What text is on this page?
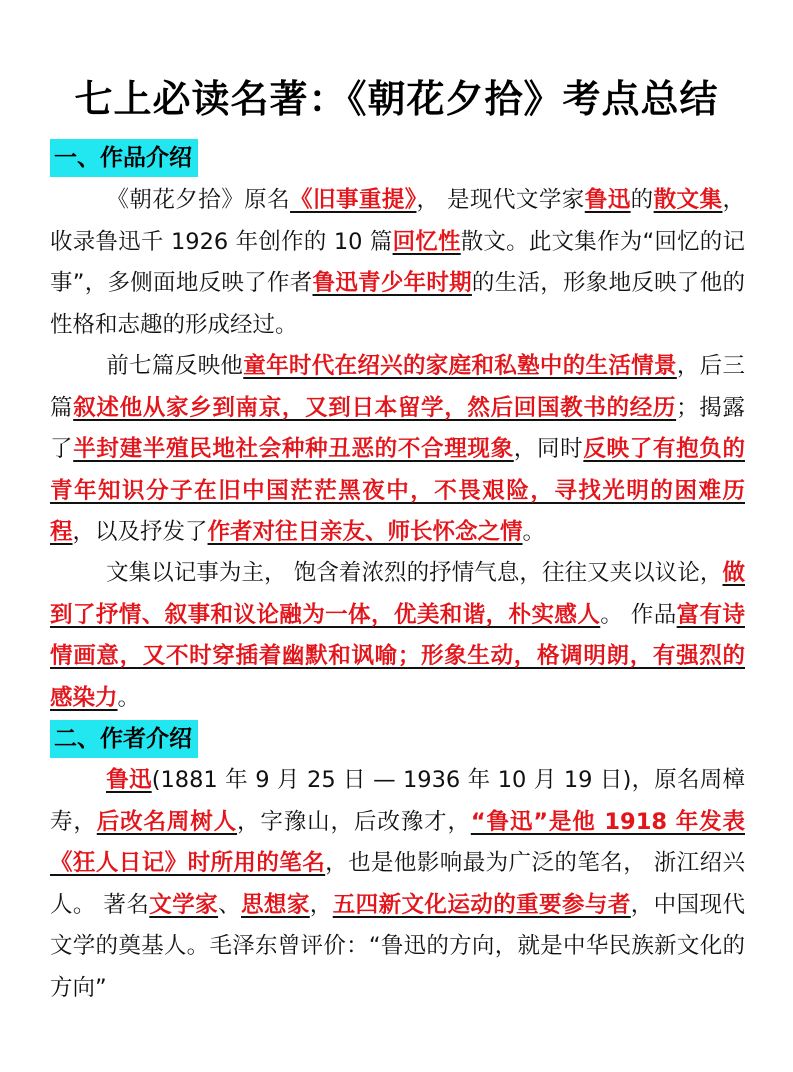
七上必读名著：《朝花夕拾》考点总结
一、作品介绍

《朝花夕拾》原名《旧事重提》， 是现代文学家鲁迅的散文集，收录鲁迅千 1926 年创作的 10 篇回忆性散文。此文集作为“回忆的记事”，多侧面地反映了作者鲁迅青少年时期的生活，形象地反映了他的性格和志趣的形成经过。

前七篇反映他童年时代在绍兴的家庭和私塾中的生活情景，后三篇叙述他从家乡到南京，又到日本留学，然后回国教书的经历；揭露了半封建半殖民地社会种种丑恶的不合理现象，同时反映了有抱负的青年知识分子在旧中国茫茫黑夜中，不畏艰险，寻找光明的困难历程，以及抒发了作者对往日亲友、师长怀念之情。

文集以记事为主， 饱含着浓烈的抒情气息，往往又夹以议论，做到了抒情、叙事和议论融为一体，优美和谐，朴实感人。 作品富有诗情画意，又不时穿插着幽默和讽喻；形象生动，格调明朗，有强烈的感染力。

二、作者介绍

鲁迅(1881 年 9 月 25 日 — 1936 年 10 月 19 日)，原名周樟寿，后改名周树人，字豫山，后改豫才，“鲁迅”是他 1918 年发表《狂人日记》时所用的笔名，也是他影响最为广泛的笔名， 浙江绍兴人。 著名文学家、思想家，五四新文化运动的重要参与者，中国现代文学的奠基人。毛泽东曾评价：“鲁迅的方向，就是中华民族新文化的方向”
